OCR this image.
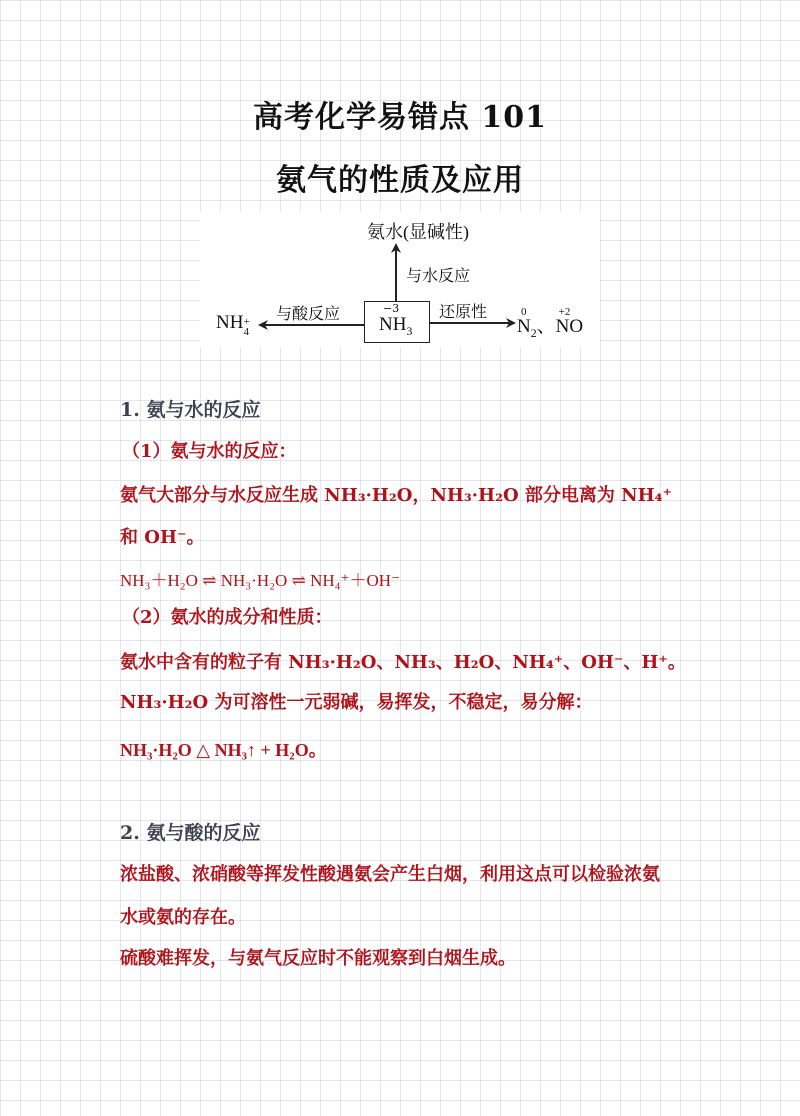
高考化学易错点 101
氨气的性质及应用
氨水(显碱性)
与水反应
−3
$NH_3$
与酸反应
NH +
4
还原性	0
$N_2$、
+2
NO
1. 氨与水的反应
（1）氨与水的反应：
氨气大部分与水反应生成 NH₃·H₂O，NH₃·H₂O 部分电离为 NH₄⁺
和 OH⁻。
NH₃＋H₂O ⇌ NH₃·H₂O ⇌ NH₄⁺＋OH⁻
（2）氨水的成分和性质：
氨水中含有的粒子有 NH₃·H₂O、NH₃、H₂O、NH₄⁺、OH⁻、H⁺。
NH₃·H₂O 为可溶性一元弱碱，易挥发，不稳定，易分解：
NH₃·H₂O △ NH₃↑ + H₂O。
2. 氨与酸的反应
浓盐酸、浓硝酸等挥发性酸遇氨会产生白烟，利用这点可以检验浓氨
水或氨的存在。
硫酸难挥发，与氨气反应时不能观察到白烟生成。
